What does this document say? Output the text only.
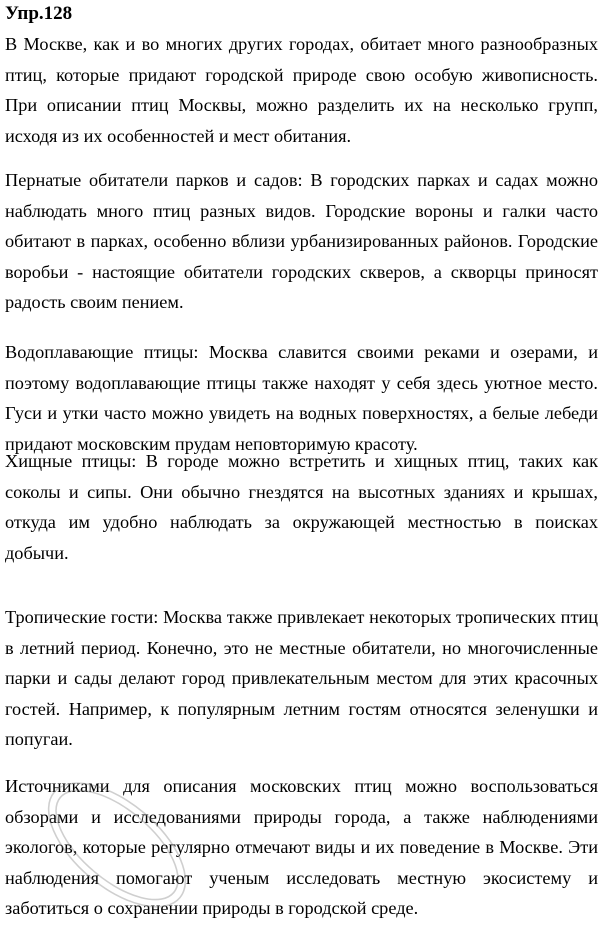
Упр.128

В Москве, как и во многих других городах, обитает много разнообразных птиц, которые придают городской природе свою особую живописность. При описании птиц Москвы, можно разделить их на несколько групп, исходя из их особенностей и мест обитания.

Пернатые обитатели парков и садов: В городских парках и садах можно наблюдать много птиц разных видов. Городские вороны и галки часто обитают в парках, особенно вблизи урбанизированных районов. Городские воробьи - настоящие обитатели городских скверов, а скворцы приносят радость своим пением.

Водоплавающие птицы: Москва славится своими реками и озерами, и поэтому водоплавающие птицы также находят у себя здесь уютное место. Гуси и утки часто можно увидеть на водных поверхностях, а белые лебеди придают московским прудам неповторимую красоту.

Хищные птицы: В городе можно встретить и хищных птиц, таких как соколы и сипы. Они обычно гнездятся на высотных зданиях и крышах, откуда им удобно наблюдать за окружающей местностью в поисках добычи.

Тропические гости: Москва также привлекает некоторых тропических птиц в летний период. Конечно, это не местные обитатели, но многочисленные парки и сады делают город привлекательным местом для этих красочных гостей. Например, к популярным летним гостям относятся зеленушки и попугаи.

Источниками для описания московских птиц можно воспользоваться обзорами и исследованиями природы города, а также наблюдениями экологов, которые регулярно отмечают виды и их поведение в Москве. Эти наблюдения помогают ученым исследовать местную экосистему и заботиться о сохранении природы в городской среде.
